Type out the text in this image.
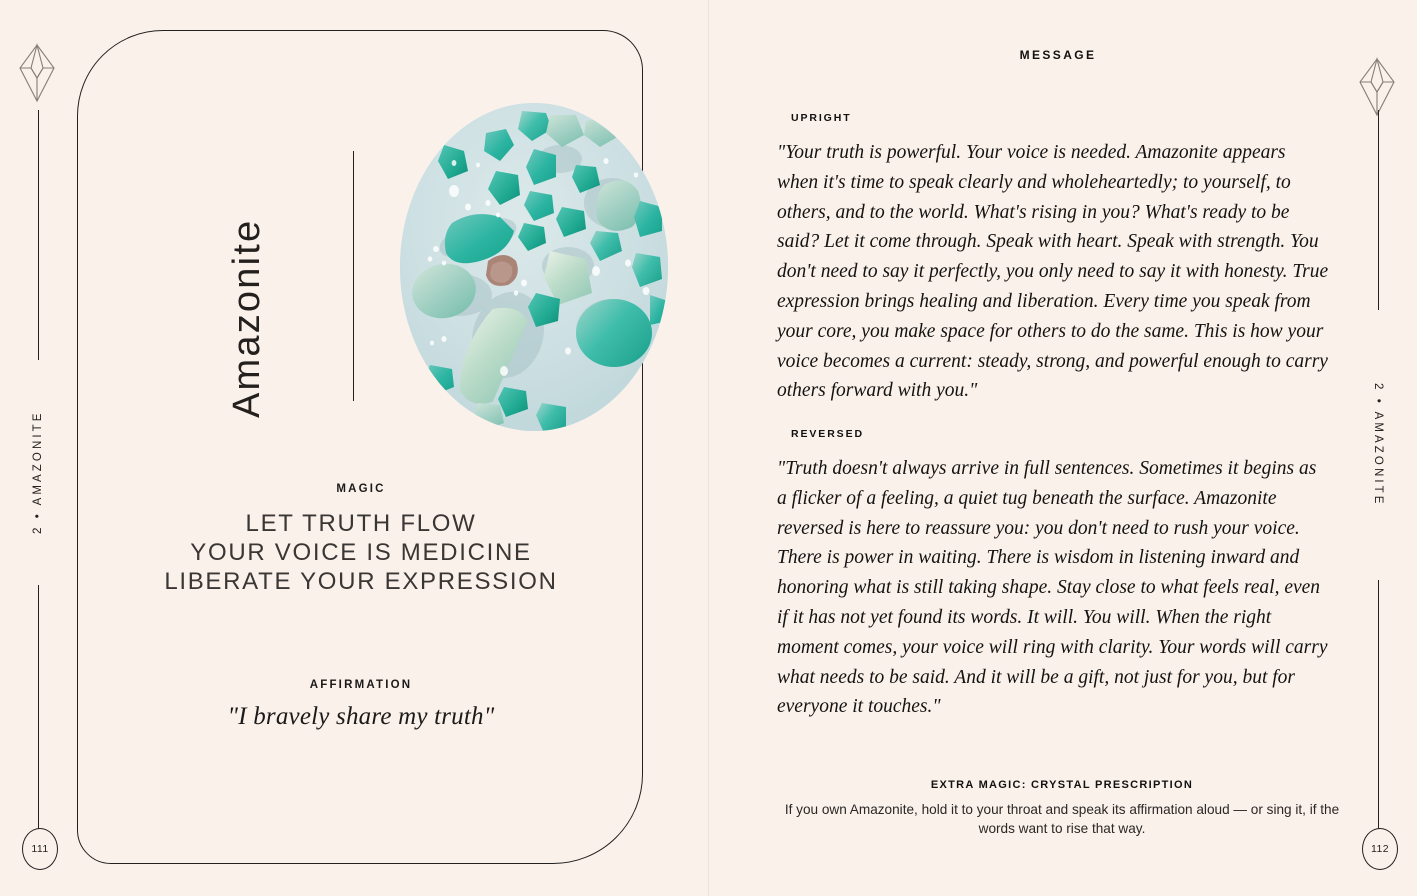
2 • AMAZONITE
111
Amazonite
MAGIC
LET TRUTH FLOW
YOUR VOICE IS MEDICINE
LIBERATE YOUR EXPRESSION
AFFIRMATION
"I bravely share my truth"
MESSAGE
UPRIGHT

"Your truth is powerful. Your voice is needed. Amazonite appears when it's time to speak clearly and wholeheartedly; to yourself, to others, and to the world. What's rising in you? What's ready to be said? Let it come through. Speak with heart. Speak with strength. You don't need to say it perfectly, you only need to say it with honesty. True expression brings healing and liberation. Every time you speak from your core, you make space for others to do the same. This is how your voice becomes a current: steady, strong, and powerful enough to carry others forward with you."

REVERSED

"Truth doesn't always arrive in full sentences. Sometimes it begins as a flicker of a feeling, a quiet tug beneath the surface. Amazonite reversed is here to reassure you: you don't need to rush your voice. There is power in waiting. There is wisdom in listening inward and honoring what is still taking shape. Stay close to what feels real, even if it has not yet found its words. It will. You will. When the right moment comes, your voice will ring with clarity. Your words will carry what needs to be said. And it will be a gift, not just for you, but for everyone it touches."

EXTRA MAGIC: CRYSTAL PRESCRIPTION
If you own Amazonite, hold it to your throat and speak its affirmation aloud — or sing it, if the words want to rise that way.
2 • AMAZONITE
112
